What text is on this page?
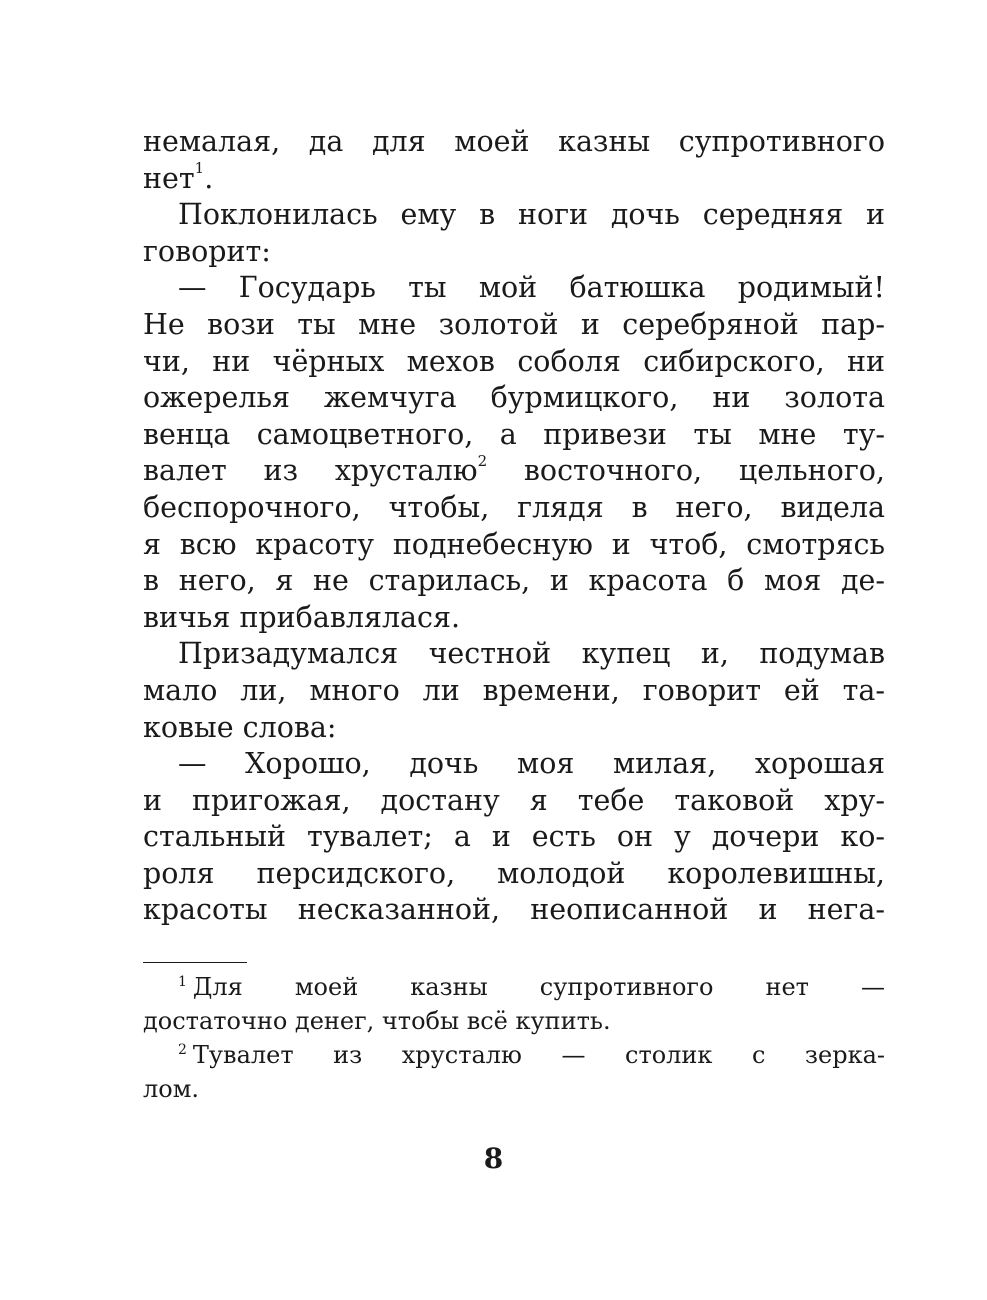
немалая, да для моей казны супротивного
нет$^1$.
Поклонилась ему в ноги дочь середняя и
говорит:
— Государь ты мой батюшка родимый!
Не вози ты мне золотой и серебряной пар-
чи, ни чёрных мехов соболя сибирского, ни
ожерелья жемчуга бурмицкого, ни золота
венца самоцветного, а привези ты мне ту-
валет из хрусталю$^2$ восточного, цельного,
беспорочного, чтобы, глядя в него, видела
я всю красоту поднебесную и чтоб, смотрясь
в него, я не старилась, и красота б моя де-
вичья прибавлялася.
Призадумался честной купец и, подумав
мало ли, много ли времени, говорит ей та-
ковые слова:
— Хорошо, дочь моя милая, хорошая
и пригожая, достану я тебе таковой хру-
стальный тувалет; а и есть он у дочери ко-
роля персидского, молодой королевишны,
красоты несказанной, неописанной и нега-
$^1$ Для моей казны супротивного нет —
достаточно денег, чтобы всё купить.
$^2$ Тувалет из хрусталю — столик с зерка-
лом.
8
